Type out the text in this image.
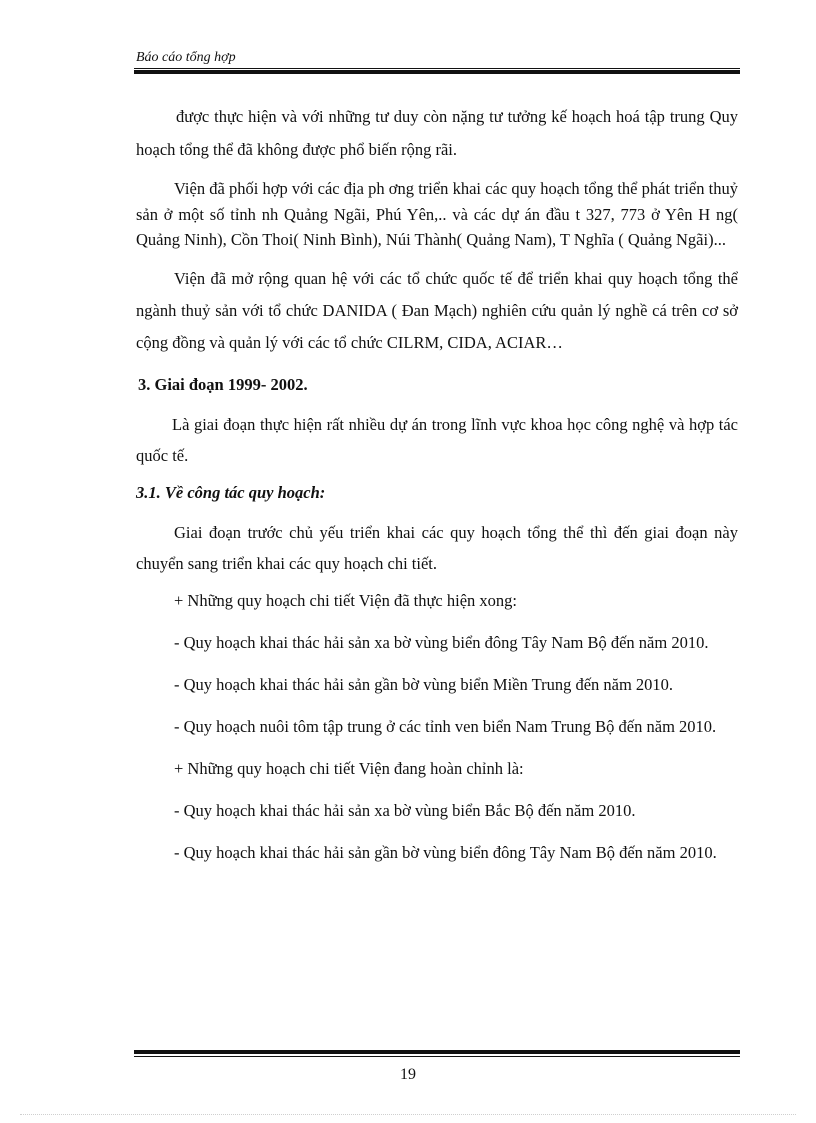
Báo cáo tổng hợp

được thực hiện và với những tư duy còn nặng tư tưởng kế hoạch hoá tập trung Quy hoạch tổng thể đã không được phổ biến rộng rãi.

Viện đã phối hợp với các địa ph ơng triển khai các quy hoạch tổng thể phát triển thuỷ sản ở một số tỉnh nh Quảng Ngãi, Phú Yên,.. và các dự án đầu t 327, 773 ở Yên H ng( Quảng Ninh), Cồn Thoi( Ninh Bình), Núi Thành( Quảng Nam), T Nghĩa ( Quảng Ngãi)...

Viện đã mở rộng quan hệ với các tổ chức quốc tế để triển khai quy hoạch tổng thể ngành thuỷ sản với tổ chức DANIDA ( Đan Mạch) nghiên cứu quản lý nghề cá trên cơ sở cộng đồng và quản lý với các tổ chức CILRM, CIDA, ACIAR…

3. Giai đoạn 1999- 2002.

Là giai đoạn thực hiện rất nhiều dự án trong lĩnh vực khoa học công nghệ và hợp tác quốc tế.

3.1. Về công tác quy hoạch:

Giai đoạn trước chủ yếu triển khai các quy hoạch tổng thể thì đến giai đoạn này chuyển sang triển khai các quy hoạch chi tiết.

+ Những quy hoạch chi tiết Viện đã thực hiện xong:

- Quy hoạch khai thác hải sản xa bờ vùng biển đông Tây Nam Bộ đến năm 2010.

- Quy hoạch khai thác hải sản gần bờ vùng biển Miền Trung đến năm 2010.

- Quy hoạch nuôi tôm tập trung ở các tỉnh ven biển Nam Trung Bộ đến năm 2010.

+ Những quy hoạch chi tiết Viện đang hoàn chỉnh là:

- Quy hoạch khai thác hải sản xa bờ vùng biển Bắc Bộ đến năm 2010.

- Quy hoạch khai thác hải sản gần bờ vùng biển đông Tây Nam Bộ đến năm 2010.

19
